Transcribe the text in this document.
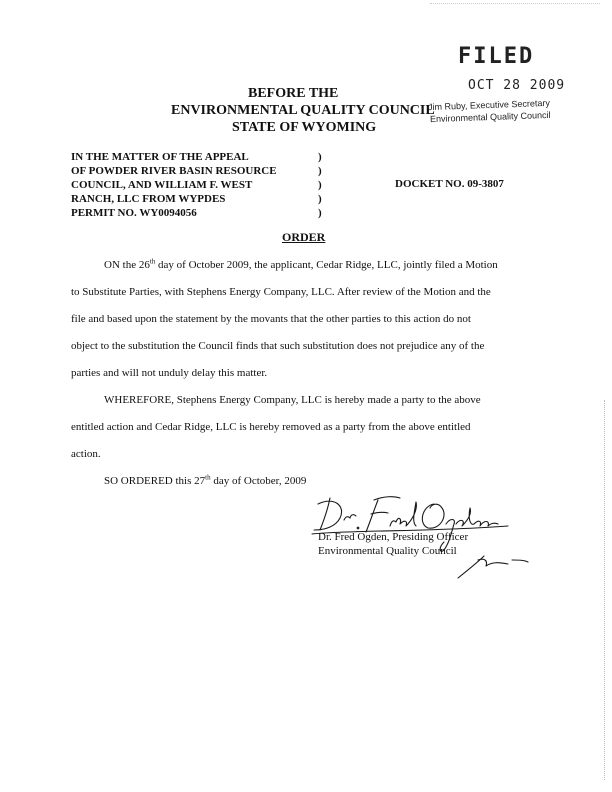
FILED
OCT 28 2009
Jim Ruby, Executive Secretary
Environmental Quality Council
BEFORE THE
ENVIRONMENTAL QUALITY COUNCIL
STATE OF WYOMING
IN THE MATTER OF THE APPEAL
OF POWDER RIVER BASIN RESOURCE
COUNCIL, AND WILLIAM F. WEST
RANCH, LLC FROM WYPDES
PERMIT NO. WY0094056
)
)
)
)
)
DOCKET NO. 09-3807
ORDER
ON the 26th day of October 2009, the applicant, Cedar Ridge, LLC, jointly filed a Motion
to Substitute Parties, with Stephens Energy Company, LLC. After review of the Motion and the
file and based upon the statement by the movants that the other parties to this action do not
object to the substitution the Council finds that such substitution does not prejudice any of the
parties and will not unduly delay this matter.
WHEREFORE, Stephens Energy Company, LLC is hereby made a party to the above
entitled action and Cedar Ridge, LLC is hereby removed as a party from the above entitled
action.
SO ORDERED this 27th day of October, 2009
Dr. Fred Ogden, Presiding Officer
Environmental Quality Council
